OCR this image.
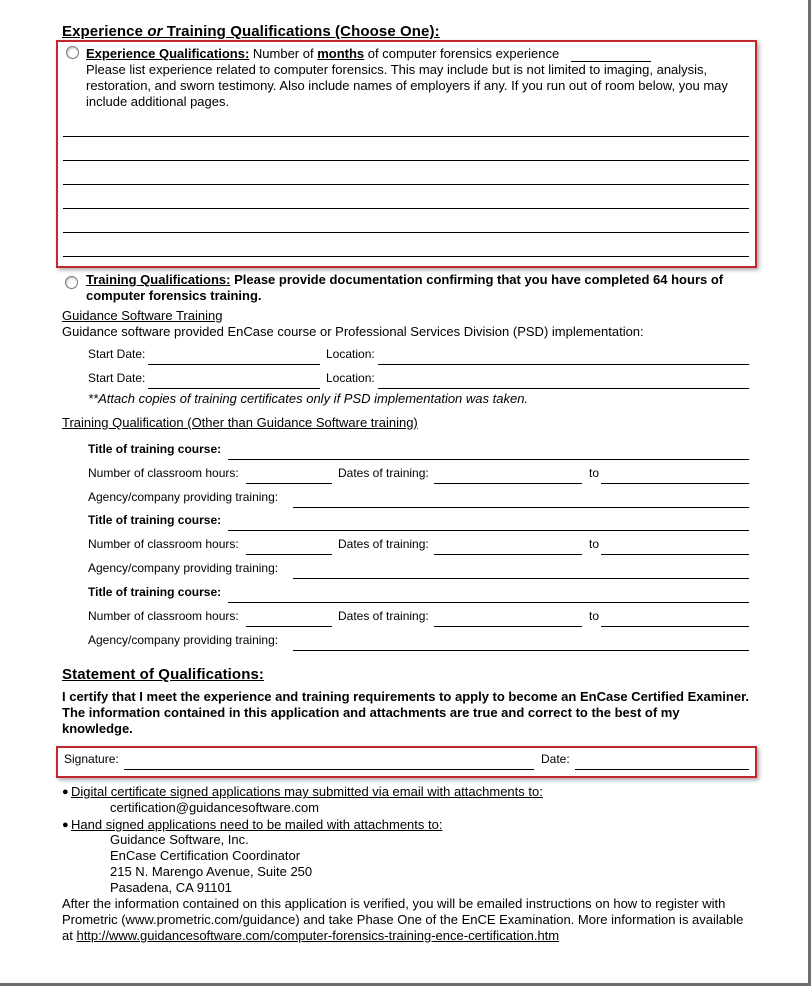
Experience or Training Qualifications (Choose One):
Experience Qualifications: Number of months of computer forensics experience
Please list experience related to computer forensics. This may include but is not limited to imaging, analysis, restoration, and sworn testimony. Also include names of employers if any. If you run out of room below, you may include additional pages.
Training Qualifications: Please provide documentation confirming that you have completed 64 hours of computer forensics training.
Guidance Software Training
Guidance software provided EnCase course or Professional Services Division (PSD) implementation:
Start Date:	Location:
Start Date:	Location:
**Attach copies of training certificates only if PSD implementation was taken.
Training Qualification (Other than Guidance Software training)
Title of training course:
Number of classroom hours:	Dates of training:	to
Agency/company providing training:
Title of training course:
Number of classroom hours:	Dates of training:	to
Agency/company providing training:
Title of training course:
Number of classroom hours:	Dates of training:	to
Agency/company providing training:
Statement of Qualifications:
I certify that I meet the experience and training requirements to apply to become an EnCase Certified Examiner. The information contained in this application and attachments are true and correct to the best of my knowledge.
Signature:	Date:
● Digital certificate signed applications may submitted via email with attachments to:
certification@guidancesoftware.com
● Hand signed applications need to be mailed with attachments to:
Guidance Software, Inc.
EnCase Certification Coordinator
215 N. Marengo Avenue, Suite 250
Pasadena, CA 91101
After the information contained on this application is verified, you will be emailed instructions on how to register with Prometric (www.prometric.com/guidance) and take Phase One of the EnCE Examination. More information is available at http://www.guidancesoftware.com/computer-forensics-training-ence-certification.htm
